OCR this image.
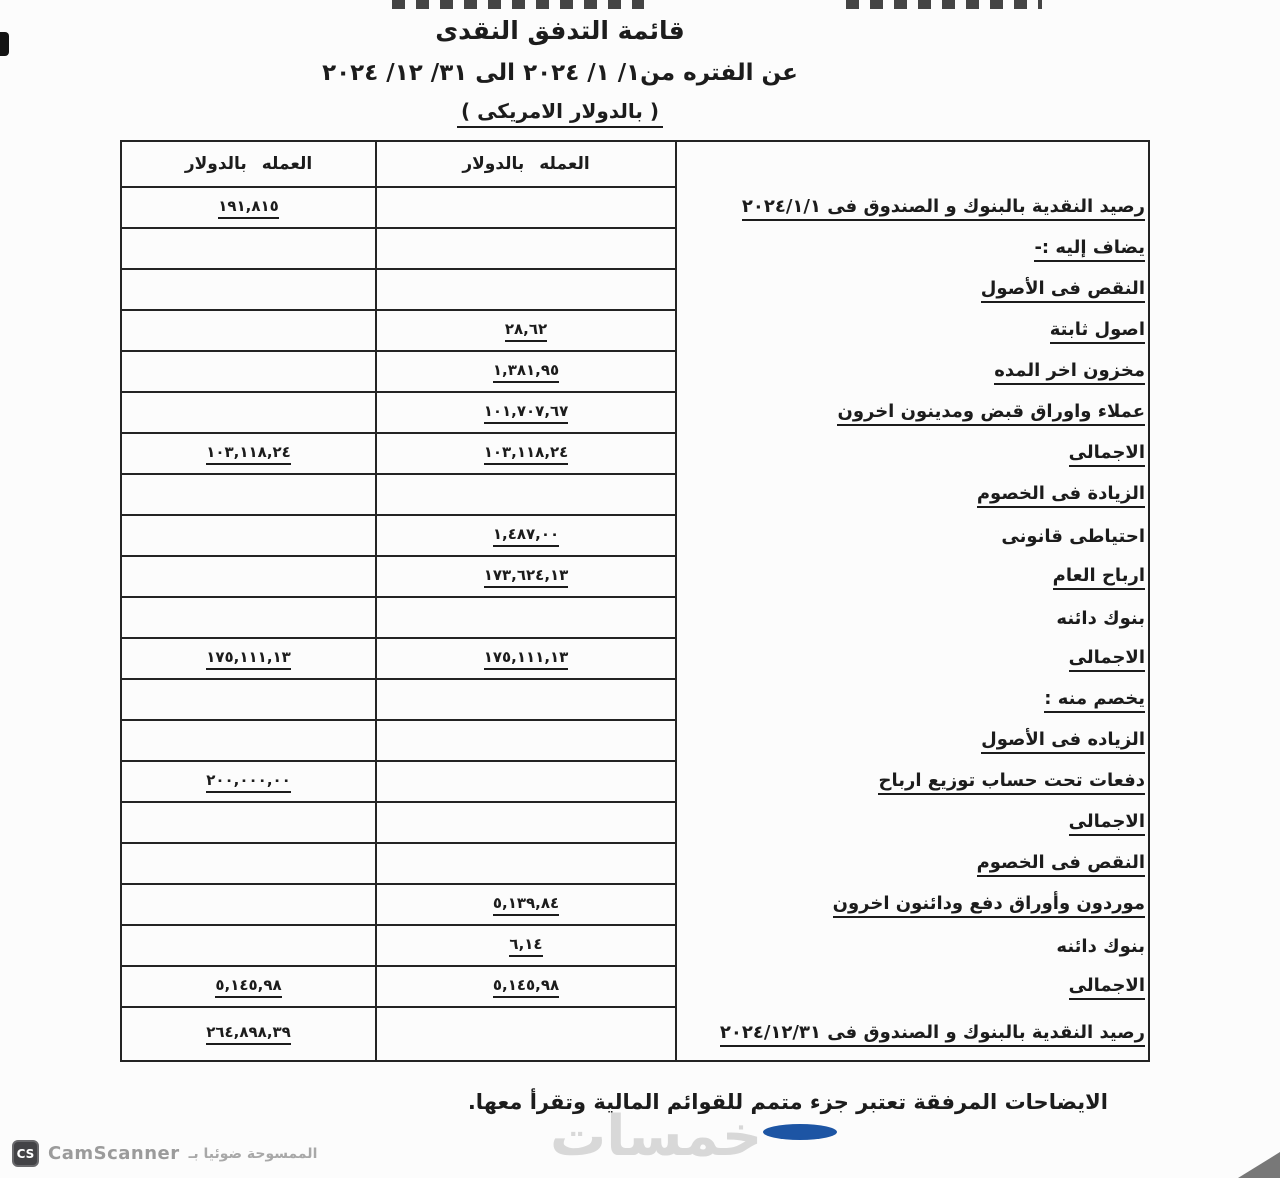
قائمة التدفق النقدى
عن الفتره من١/ ١/ ٢٠٢٤ الى ٣١/ ١٢/ ٢٠٢٤
( بالدولار الامريكى )
العمله بالدولار
العمله بالدولار
رصيد النقدية بالبنوك و الصندوق فى ٢٠٢٤/١/١
١٩١,٨١٥
يضاف إليه :-
النقص فى الأصول
اصول ثابتة
٢٨,٦٢
مخزون اخر المده
١,٣٨١,٩٥
عملاء واوراق قبض ومدينون اخرون
١٠١,٧٠٧,٦٧
الاجمالى
١٠٣,١١٨,٢٤
١٠٣,١١٨,٢٤
الزيادة فى الخصوم
احتياطى قانونى
١,٤٨٧,٠٠
ارباح العام
١٧٣,٦٢٤,١٣
بنوك دائنه
الاجمالى
١٧٥,١١١,١٣
١٧٥,١١١,١٣
يخصم منه :
الزياده فى الأصول
دفعات تحت حساب توزيع ارباح
٢٠٠,٠٠٠,٠٠
الاجمالى
النقص فى الخصوم
موردون وأوراق دفع ودائنون اخرون
٥,١٣٩,٨٤
بنوك دائنه
٦,١٤
الاجمالى
٥,١٤٥,٩٨
٥,١٤٥,٩٨
رصيد النقدية بالبنوك و الصندوق فى ٢٠٢٤/١٢/٣١
٢٦٤,٨٩٨,٣٩
الايضاحات المرفقة تعتبر جزء متمم للقوائم المالية وتقرأ معها.
خمسات
CS CamScanner الممسوحة ضوئيا بـ
